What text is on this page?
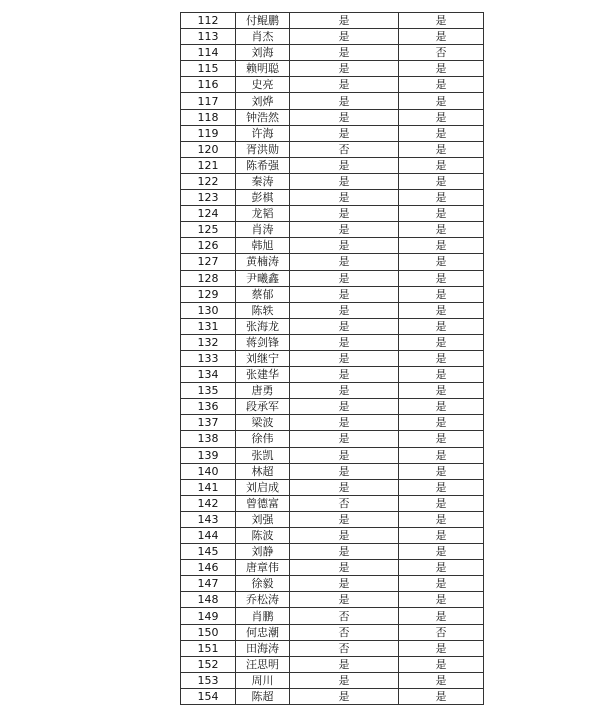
112	付鲲鹏	是	是
113	肖杰	是	是
114	刘海	是	否
115	赖明聪	是	是
116	史亮	是	是
117	刘烨	是	是
118	钟浩然	是	是
119	许海	是	是
120	胥洪勋	否	是
121	陈希强	是	是
122	秦涛	是	是
123	彭棋	是	是
124	龙韬	是	是
125	肖涛	是	是
126	韩旭	是	是
127	黄楠涛	是	是
128	尹曦鑫	是	是
129	蔡郁	是	是
130	陈轶	是	是
131	张海龙	是	是
132	蒋剑锋	是	是
133	刘继宁	是	是
134	张建华	是	是
135	唐勇	是	是
136	段承军	是	是
137	梁波	是	是
138	徐伟	是	是
139	张凯	是	是
140	林超	是	是
141	刘启成	是	是
142	曾德富	否	是
143	刘强	是	是
144	陈波	是	是
145	刘静	是	是
146	唐章伟	是	是
147	徐毅	是	是
148	乔松涛	是	是
149	肖鹏	否	是
150	何忠潮	否	否
151	田海涛	否	是
152	汪思明	是	是
153	周川	是	是
154	陈超	是	是
